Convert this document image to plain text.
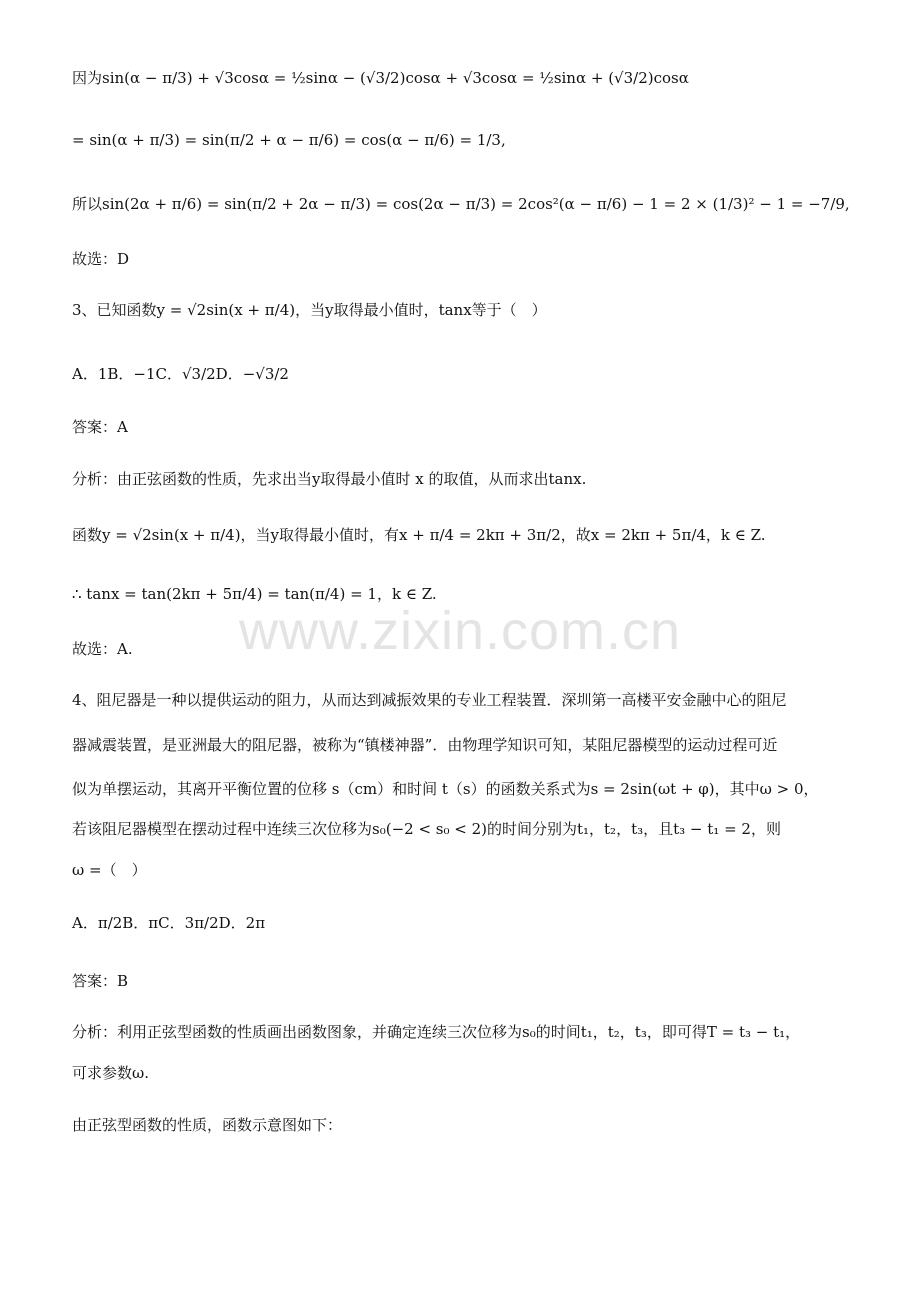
www.zixin.com.cn
因为sin(α − π/3) + √3cosα = ½sinα − (√3/2)cosα + √3cosα = ½sinα + (√3/2)cosα
= sin(α + π/3) = sin(π/2 + α − π/6) = cos(α − π/6) = 1/3,
所以sin(2α + π/6) = sin(π/2 + 2α − π/3) = cos(2α − π/3) = 2cos²(α − π/6) − 1 = 2 × (1/3)² − 1 = −7/9,
故选：D
3、已知函数y = √2sin(x + π/4)，当y取得最小值时，tanx等于（　）
A．1B．−1C．√3/2D．−√3/2
答案：A
分析：由正弦函数的性质，先求出当y取得最小值时 x 的取值，从而求出tanx.
函数y = √2sin(x + π/4)，当y取得最小值时，有x + π/4 = 2kπ + 3π/2，故x = 2kπ + 5π/4，k ∈ Z.
∴ tanx = tan(2kπ + 5π/4) = tan(π/4) = 1，k ∈ Z.
故选：A.
4、阻尼器是一种以提供运动的阻力，从而达到减振效果的专业工程装置．深圳第一高楼平安金融中心的阻尼
器减震装置，是亚洲最大的阻尼器，被称为“镇楼神器”．由物理学知识可知，某阻尼器模型的运动过程可近
似为单摆运动，其离开平衡位置的位移 s（cm）和时间 t（s）的函数关系式为s = 2sin(ωt + φ)，其中ω > 0，
若该阻尼器模型在摆动过程中连续三次位移为s₀(−2 < s₀ < 2)的时间分别为t₁，t₂，t₃，且t₃ − t₁ = 2，则
ω =（　）
A．π/2B．πC．3π/2D．2π
答案：B
分析：利用正弦型函数的性质画出函数图象，并确定连续三次位移为s₀的时间t₁，t₂，t₃，即可得T = t₃ − t₁，
可求参数ω.
由正弦型函数的性质，函数示意图如下：
